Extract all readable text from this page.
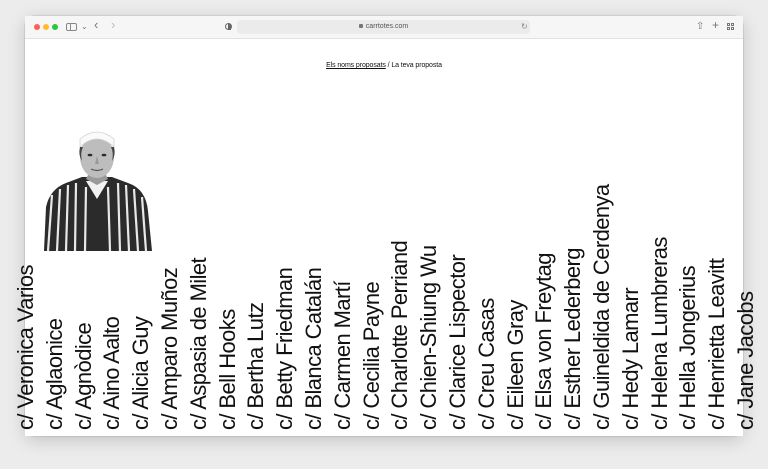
⌄ ‹ ›	carrtotes.com	↻	⇧ +
Els noms proposats / La teva proposta
c/ Veronica Varios
c/ Aglaonice
c/ Agnòdice
c/ Aino Aalto
c/ Alicia Guy
c/ Amparo Muñoz
c/ Aspasia de Milet
c/ Bell Hooks
c/ Bertha Lutz
c/ Betty Friedman
c/ Blanca Catalán
c/ Carmen Martí
c/ Cecilia Payne
c/ Charlotte Perriand
c/ Chien-Shiung Wu
c/ Clarice Lispector
c/ Creu Casas
c/ Eileen Gray
c/ Elsa von Freytag
c/ Esther Lederberg
c/ Guineldida de Cerdenya
c/ Hedy Lamarr
c/ Helena Lumbreras
c/ Hella Jongerius
c/ Henrietta Leavitt
c/ Jane Jacobs
